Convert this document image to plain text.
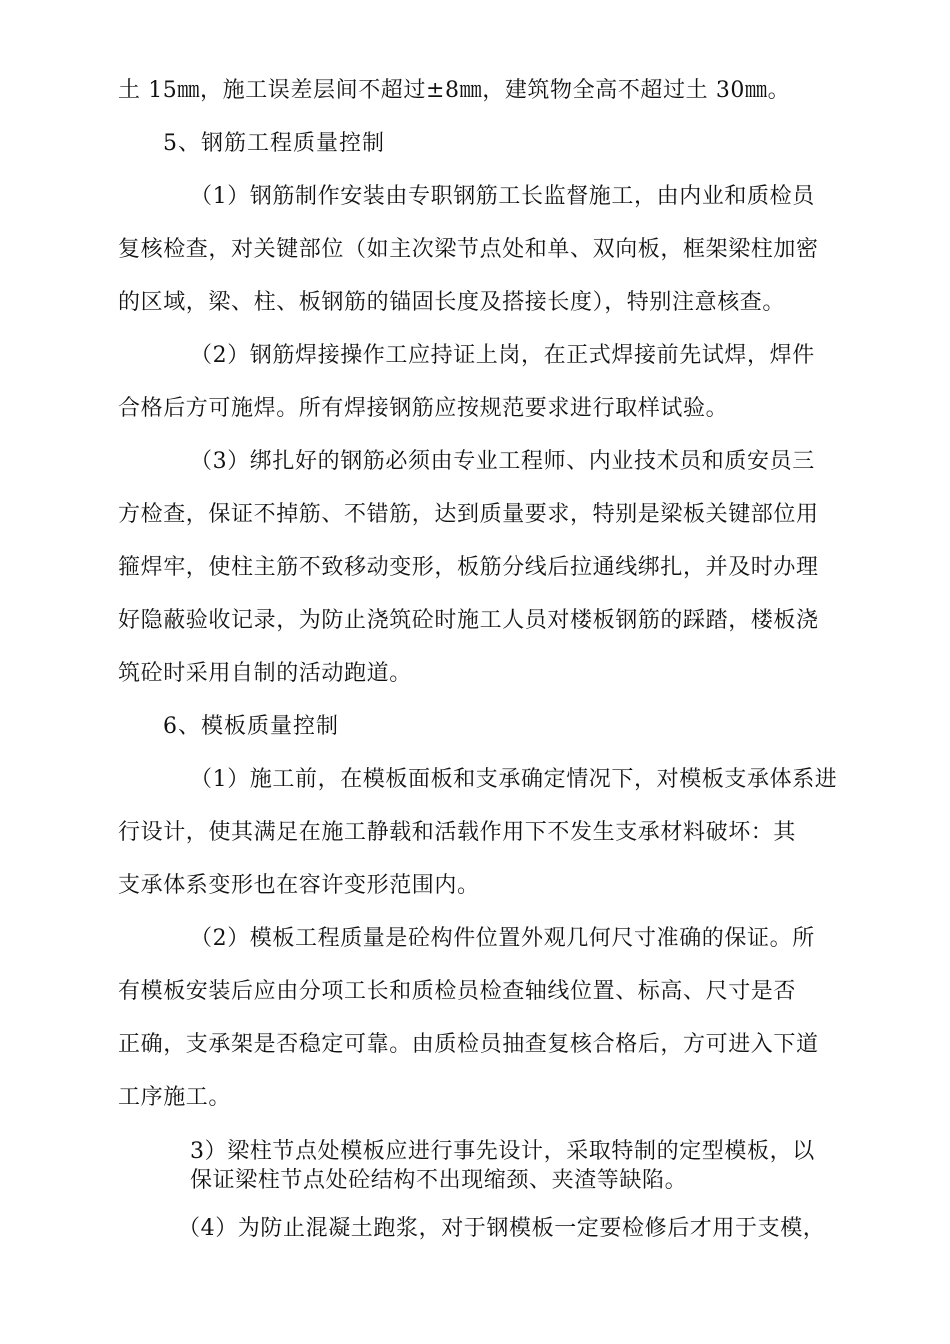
土 15㎜，施工误差层间不超过±8㎜，建筑物全高不超过土 30㎜。
5、钢筋工程质量控制
（1）钢筋制作安装由专职钢筋工长监督施工，由内业和质检员
复核检查，对关键部位（如主次梁节点处和单、双向板，框架梁柱加密
的区域，梁、柱、板钢筋的锚固长度及搭接长度），特别注意核查。
（2）钢筋焊接操作工应持证上岗，在正式焊接前先试焊，焊件
合格后方可施焊。所有焊接钢筋应按规范要求进行取样试验。
（3）绑扎好的钢筋必须由专业工程师、内业技术员和质安员三
方检查，保证不掉筋、不错筋，达到质量要求，特别是梁板关键部位用
箍焊牢，使柱主筋不致移动变形，板筋分线后拉通线绑扎，并及时办理
好隐蔽验收记录，为防止浇筑砼时施工人员对楼板钢筋的踩踏，楼板浇
筑砼时采用自制的活动跑道。
6、模板质量控制
（1）施工前，在模板面板和支承确定情况下，对模板支承体系进
行设计，使其满足在施工静载和活载作用下不发生支承材料破坏：其
支承体系变形也在容许变形范围内。
（2）模板工程质量是砼构件位置外观几何尺寸准确的保证。所
有模板安装后应由分项工长和质检员检查轴线位置、标高、尺寸是否
正确，支承架是否稳定可靠。由质检员抽查复核合格后，方可进入下道
工序施工。
3）梁柱节点处模板应进行事先设计，采取特制的定型模板，以
保证梁柱节点处砼结构不出现缩颈、夹渣等缺陷。
（4）为防止混凝土跑浆，对于钢模板一定要检修后才用于支模，
